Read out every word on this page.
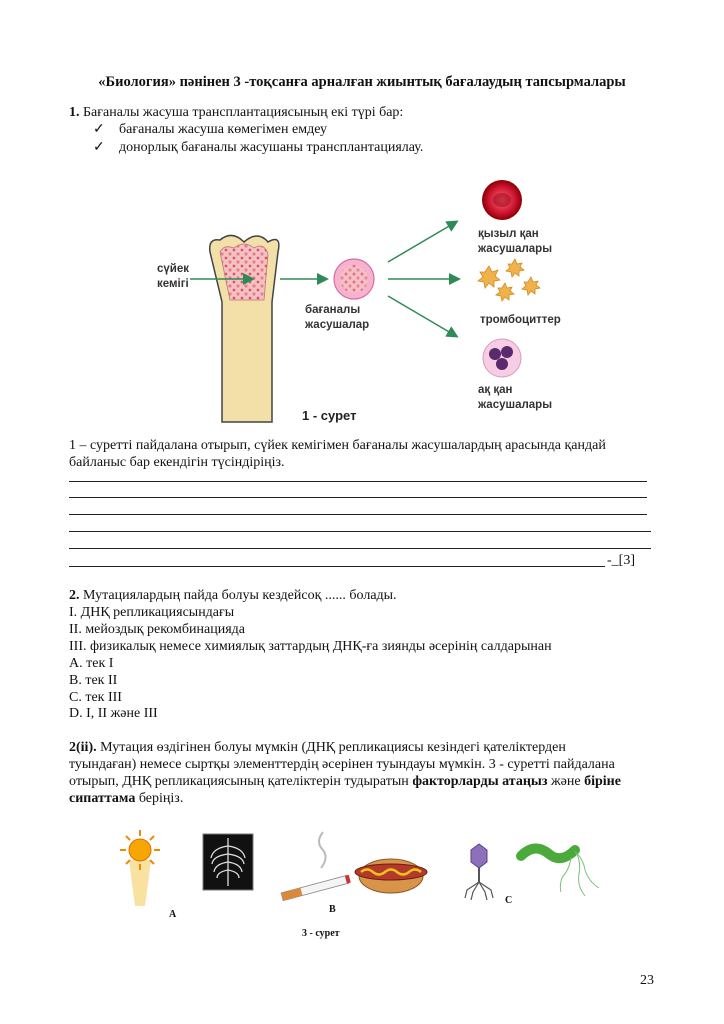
«Биология» пәнінен 3 -тоқсанға арналған жиынтық бағалаудың тапсырмалары
1. Бағаналы жасуша трансплантациясының екі түрі бар:
✓ бағаналы жасуша көмегімен емдеу
✓ донорлық бағаналы жасушаны трансплантациялау.
сүйек
кемігі
бағаналы
жасушалар
қызыл қан
жасушалары
тромбоциттер
ақ қан
жасушалары
1 - сурет
1 – суретті пайдалана отырып, сүйек кемігімен бағаналы жасушалардың арасында қандай
байланыс бар екендігін түсіндіріңіз.
-_[3]
2. Мутациялардың пайда болуы кездейсоқ ...... болады.
I. ДНҚ репликациясындағы
II. мейоздық рекомбинацияда
III. физикалық немесе химиялық заттардың ДНҚ-ға зиянды әсерінің салдарынан
A. тек I
B. тек II
C. тек III
D. I, II және III
2(ii). Мутация өздігінен болуы мүмкін (ДНҚ репликациясы кезіндегі қателіктерден
туындаған) немесе сыртқы элементтердің әсерінен туындауы мүмкін. 3 - суретті пайдалана
отырып, ДНҚ репликациясының қателіктерін тудыратын факторларды атаңыз және біріне
сипаттама беріңіз.
A	B
C
3 - сурет
23
